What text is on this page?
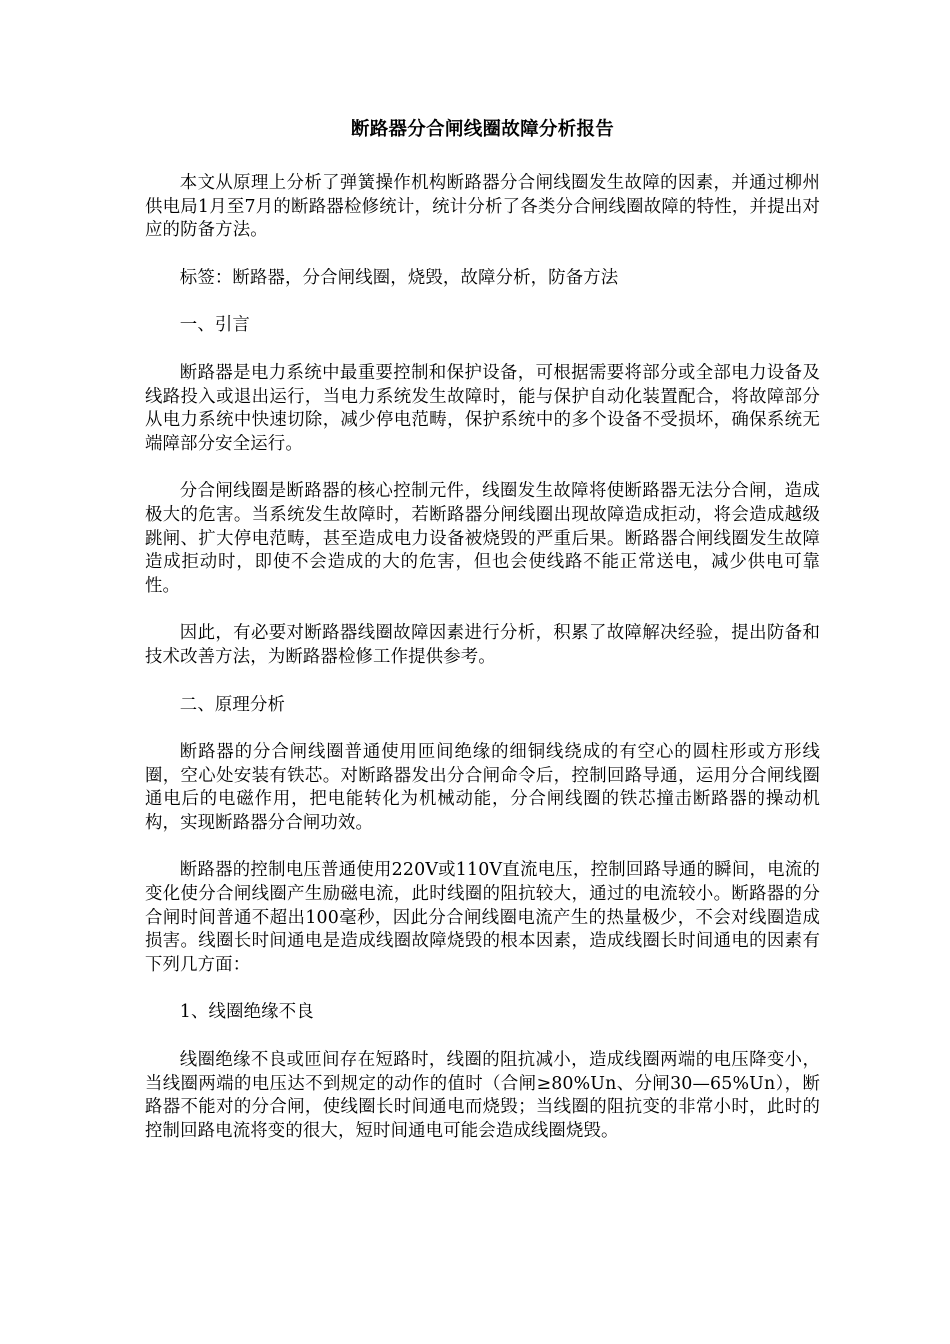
断路器分合闸线圈故障分析报告

本文从原理上分析了弹簧操作机构断路器分合闸线圈发生故障的因素，并通过柳州供电局1月至7月的断路器检修统计，统计分析了各类分合闸线圈故障的特性，并提出对应的防备方法。

标签：断路器，分合闸线圈，烧毁，故障分析，防备方法

一、引言

断路器是电力系统中最重要控制和保护设备，可根据需要将部分或全部电力设备及线路投入或退出运行，当电力系统发生故障时，能与保护自动化装置配合，将故障部分从电力系统中快速切除，减少停电范畴，保护系统中的多个设备不受损坏，确保系统无端障部分安全运行。

分合闸线圈是断路器的核心控制元件，线圈发生故障将使断路器无法分合闸，造成极大的危害。当系统发生故障时，若断路器分闸线圈出现故障造成拒动，将会造成越级跳闸、扩大停电范畴，甚至造成电力设备被烧毁的严重后果。断路器合闸线圈发生故障造成拒动时，即使不会造成的大的危害，但也会使线路不能正常送电，减少供电可靠性。

因此，有必要对断路器线圈故障因素进行分析，积累了故障解决经验，提出防备和技术改善方法，为断路器检修工作提供参考。

二、原理分析

断路器的分合闸线圈普通使用匝间绝缘的细铜线绕成的有空心的圆柱形或方形线圈，空心处安装有铁芯。对断路器发出分合闸命令后，控制回路导通，运用分合闸线圈通电后的电磁作用，把电能转化为机械动能，分合闸线圈的铁芯撞击断路器的操动机构，实现断路器分合闸功效。

断路器的控制电压普通使用220V或110V直流电压，控制回路导通的瞬间，电流的变化使分合闸线圈产生励磁电流，此时线圈的阻抗较大，通过的电流较小。断路器的分合闸时间普通不超出100毫秒，因此分合闸线圈电流产生的热量极少，不会对线圈造成损害。线圈长时间通电是造成线圈故障烧毁的根本因素，造成线圈长时间通电的因素有下列几方面：

1、线圈绝缘不良

线圈绝缘不良或匝间存在短路时，线圈的阻抗减小，造成线圈两端的电压降变小，当线圈两端的电压达不到规定的动作的值时（合闸≥80%Un、分闸30—65%Un），断路器不能对的分合闸，使线圈长时间通电而烧毁；当线圈的阻抗变的非常小时，此时的控制回路电流将变的很大，短时间通电可能会造成线圈烧毁。
